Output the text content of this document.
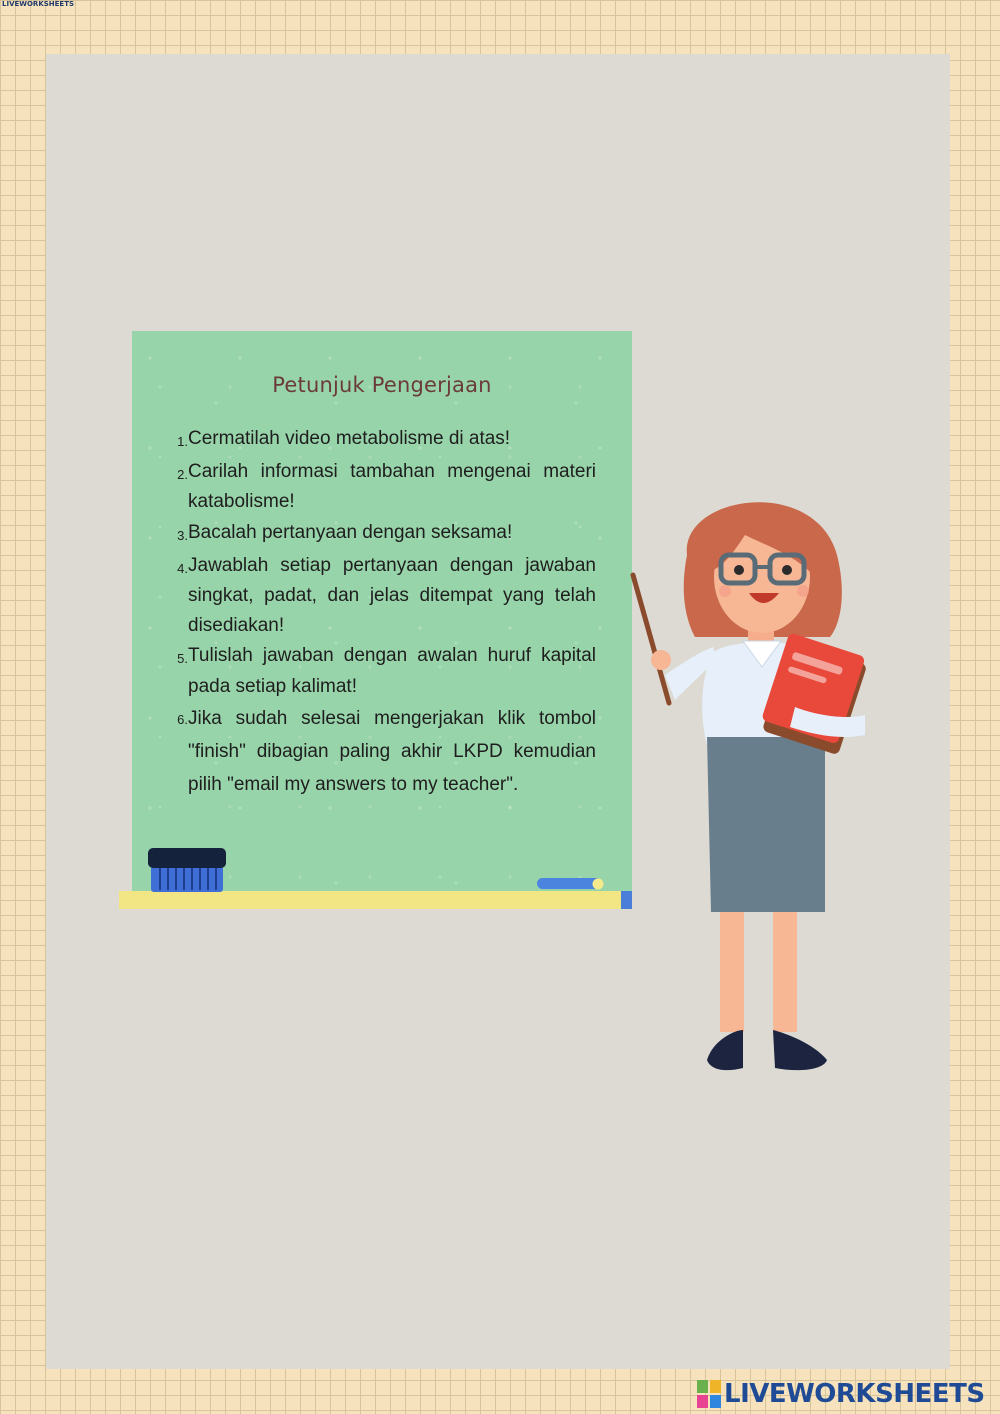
LIVEWORKSHEETS
Petunjuk Pengerjaan
1. Cermatilah video metabolisme di atas!
2. Carilah informasi tambahan mengenai materi katabolisme!
3. Bacalah pertanyaan dengan seksama!
4. Jawablah setiap pertanyaan dengan jawaban singkat, padat, dan jelas ditempat yang telah disediakan!
5. Tulislah jawaban dengan awalan huruf kapital pada setiap kalimat!
6. Jika sudah selesai mengerjakan klik tombol "finish" dibagian paling akhir LKPD kemudian pilih "email my answers to my teacher".
LIVEWORKSHEETS
